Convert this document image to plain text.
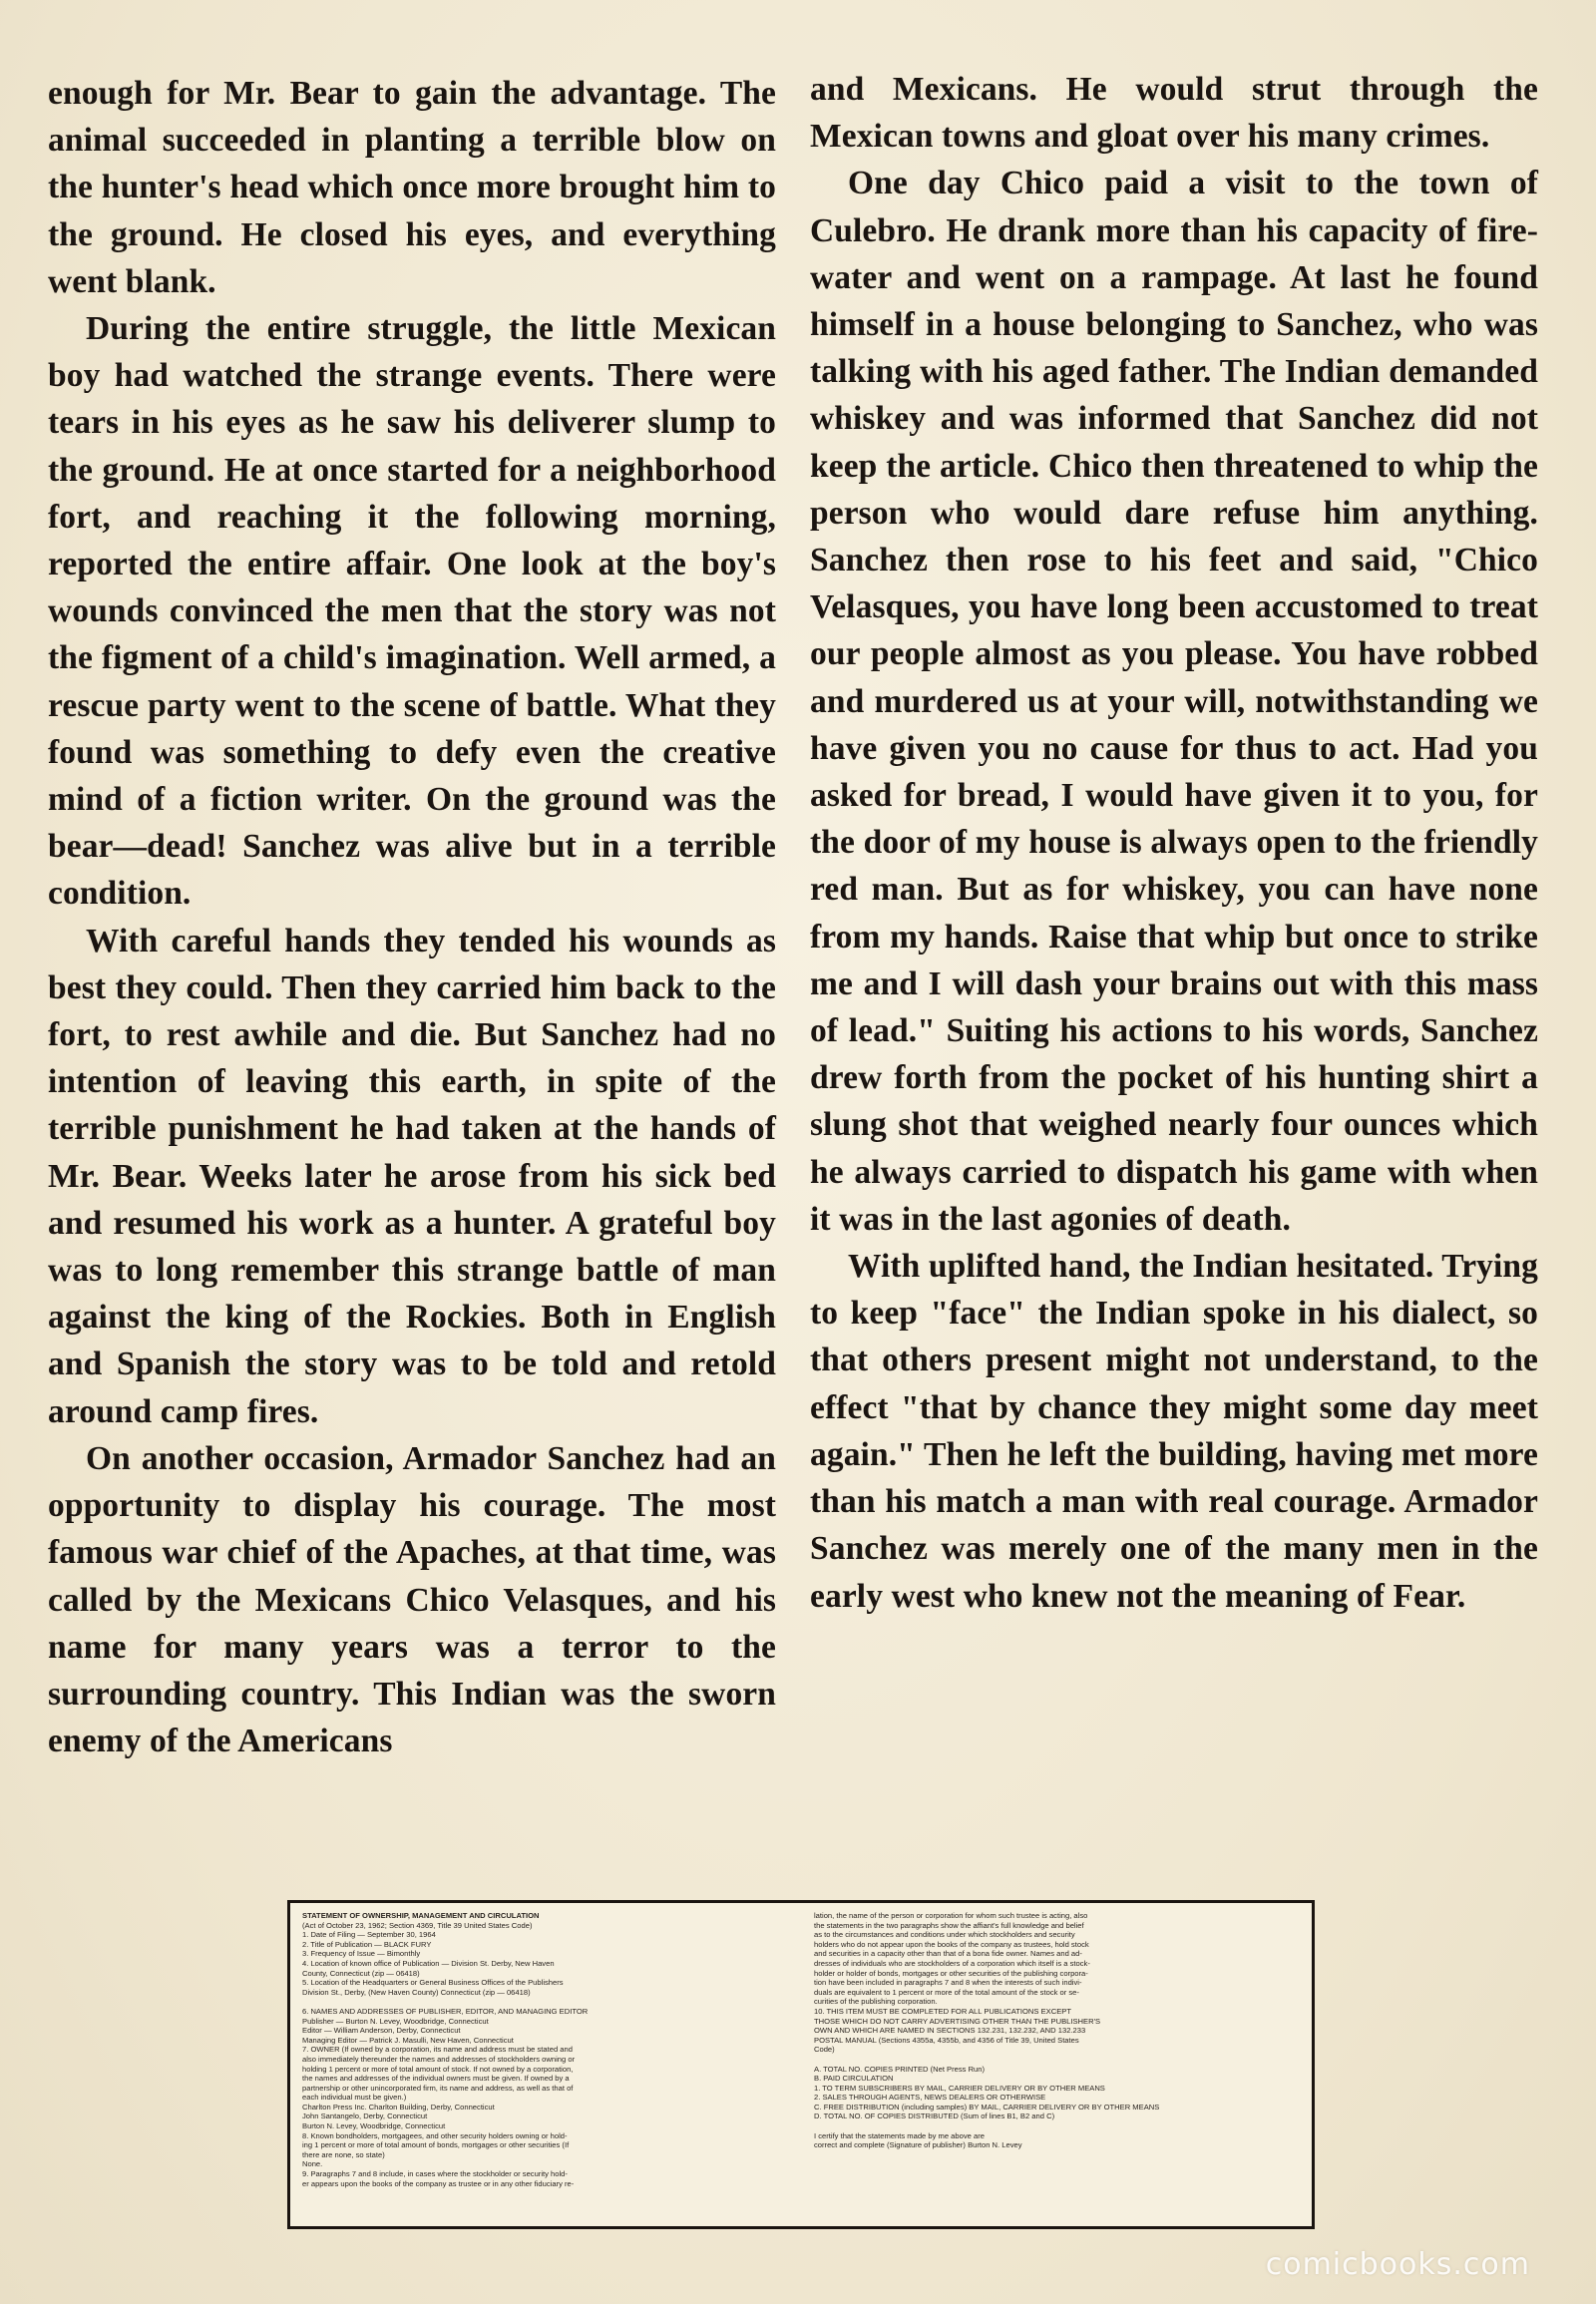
enough for Mr. Bear to gain the advantage. The animal succeeded in planting a terrible blow on the hunter's head which once more brought him to the ground. He closed his eyes, and everything went blank.

During the entire struggle, the little Mexican boy had watched the strange events. There were tears in his eyes as he saw his deliverer slump to the ground. He at once started for a neighborhood fort, and reaching it the following morning, reported the entire affair. One look at the boy's wounds convinced the men that the story was not the figment of a child's imagination. Well armed, a rescue party went to the scene of battle. What they found was something to defy even the creative mind of a fiction writer. On the ground was the bear—dead! Sanchez was alive but in a terrible condition.

With careful hands they tended his wounds as best they could. Then they carried him back to the fort, to rest awhile and die. But Sanchez had no intention of leaving this earth, in spite of the terrible punishment he had taken at the hands of Mr. Bear. Weeks later he arose from his sick bed and resumed his work as a hunter. A grateful boy was to long remember this strange battle of man against the king of the Rockies. Both in English and Spanish the story was to be told and retold around camp fires.

On another occasion, Armador Sanchez had an opportunity to display his courage. The most famous war chief of the Apaches, at that time, was called by the Mexicans Chico Velasques, and his name for many years was a terror to the surrounding country. This Indian was the sworn enemy of the Americans

and Mexicans. He would strut through the Mexican towns and gloat over his many crimes.

One day Chico paid a visit to the town of Culebro. He drank more than his capacity of fire-water and went on a rampage. At last he found himself in a house belonging to Sanchez, who was talking with his aged father. The Indian demanded whiskey and was informed that Sanchez did not keep the article. Chico then threatened to whip the person who would dare refuse him anything. Sanchez then rose to his feet and said, "Chico Velasques, you have long been accustomed to treat our people almost as you please. You have robbed and murdered us at your will, notwithstanding we have given you no cause for thus to act. Had you asked for bread, I would have given it to you, for the door of my house is always open to the friendly red man. But as for whiskey, you can have none from my hands. Raise that whip but once to strike me and I will dash your brains out with this mass of lead." Suiting his actions to his words, Sanchez drew forth from the pocket of his hunting shirt a slung shot that weighed nearly four ounces which he always carried to dispatch his game with when it was in the last agonies of death.

With uplifted hand, the Indian hesitated. Trying to keep "face" the Indian spoke in his dialect, so that others present might not understand, to the effect "that by chance they might some day meet again." Then he left the building, having met more than his match a man with real courage. Armador Sanchez was merely one of the many men in the early west who knew not the meaning of Fear.

STATEMENT OF OWNERSHIP, MANAGEMENT AND CIRCULATION
(Act of October 23, 1962; Section 4369, Title 39 United States Code)
1. Date of Filing — September 30, 1964
2. Title of Publication — BLACK FURY
3. Frequency of Issue — Bimonthly
4. Location of known office of Publication — Division St. Derby, New Haven
County, Connecticut (zip — 06418)
5. Location of the Headquarters or General Business Offices of the Publishers
Division St., Derby, (New Haven County) Connecticut (zip — 06418)

6. NAMES AND ADDRESSES OF PUBLISHER, EDITOR, AND MANAGING EDITOR
Publisher — Burton N. Levey, Woodbridge, Connecticut
Editor — William Anderson, Derby, Connecticut
Managing Editor — Patrick J. Masulli, New Haven, Connecticut
7. OWNER (If owned by a corporation, its name and address must be stated and
also immediately thereunder the names and addresses of stockholders owning or
holding 1 percent or more of total amount of stock. If not owned by a corporation,
the names and addresses of the individual owners must be given. If owned by a
partnership or other unincorporated firm, its name and address, as well as that of
each individual must be given.)
Charlton Press Inc. Charlton Building, Derby, Connecticut
John Santangelo, Derby, Connecticut
Burton N. Levey, Woodbridge, Connecticut
8. Known bondholders, mortgagees, and other security holders owning or hold-
ing 1 percent or more of total amount of bonds, mortgages or other securities (If
there are none, so state)
None.
9. Paragraphs 7 and 8 include, in cases where the stockholder or security hold-
er appears upon the books of the company as trustee or in any other fiduciary re-
lation, the name of the person or corporation for whom such trustee is acting, also
the statements in the two paragraphs show the affiant's full knowledge and belief
as to the circumstances and conditions under which stockholders and security
holders who do not appear upon the books of the company as trustees, hold stock
and securities in a capacity other than that of a bona fide owner. Names and ad-
dresses of individuals who are stockholders of a corporation which itself is a stock-
holder or holder of bonds, mortgages or other securities of the publishing corpora-
tion have been included in paragraphs 7 and 8 when the interests of such indivi-
duals are equivalent to 1 percent or more of the total amount of the stock or se-
curities of the publishing corporation.
10. THIS ITEM MUST BE COMPLETED FOR ALL PUBLICATIONS EXCEPT
THOSE WHICH DO NOT CARRY ADVERTISING OTHER THAN THE PUBLISHER'S
OWN AND WHICH ARE NAMED IN SECTIONS 132.231, 132.232, AND 132.233
POSTAL MANUAL (Sections 4355a, 4355b, and 4356 of Title 39, United States
Code)

A. TOTAL NO. COPIES PRINTED (Net Press Run)
B. PAID CIRCULATION
1. TO TERM SUBSCRIBERS BY MAIL, CARRIER DELIVERY OR BY OTHER MEANS
2. SALES THROUGH AGENTS, NEWS DEALERS OR OTHERWISE
C. FREE DISTRIBUTION (including samples) BY MAIL, CARRIER DELIVERY OR BY OTHER MEANS
D. TOTAL NO. OF COPIES DISTRIBUTED (Sum of lines B1, B2 and C)

I certify that the statements made by me above are
correct and complete (Signature of publisher) Burton N. Levey
comicbooks.com
